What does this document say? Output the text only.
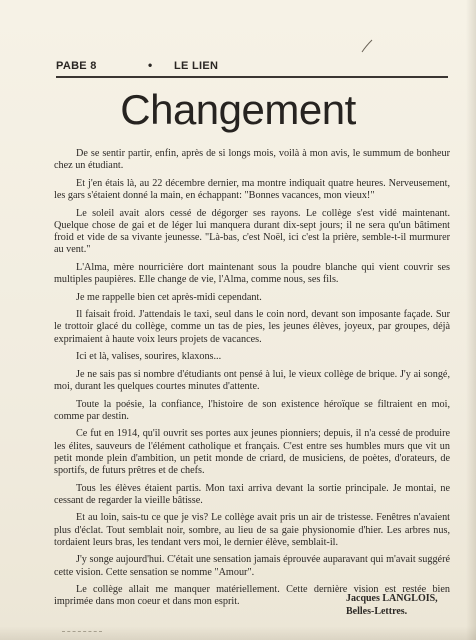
PABE 8	• LE LIEN
Changement

De se sentir partir, enfin, après de si longs mois, voilà à mon avis, le summum de bonheur chez un étudiant.

Et j'en étais là, au 22 décembre dernier, ma montre indiquait quatre heures. Nerveusement, les gars s'étaient donné la main, en échappant: "Bonnes vacances, mon vieux!"

Le soleil avait alors cessé de dégorger ses rayons. Le collège s'est vidé maintenant. Quelque chose de gai et de léger lui manquera durant dix-sept jours; il ne sera qu'un bâtiment froid et vide de sa vivante jeunesse. "Là-bas, c'est Noël, ici c'est la prière, semble-t-il murmurer au vent."

L'Alma, mère nourricière dort maintenant sous la poudre blanche qui vient couvrir ses multiples paupières. Elle change de vie, l'Alma, comme nous, ses fils.

Je me rappelle bien cet après-midi cependant.

Il faisait froid. J'attendais le taxi, seul dans le coin nord, devant son imposante façade. Sur le trottoir glacé du collège, comme un tas de pies, les jeunes élèves, joyeux, par groupes, déjà exprimaient à haute voix leurs projets de vacances.

Ici et là, valises, sourires, klaxons...

Je ne sais pas si nombre d'étudiants ont pensé à lui, le vieux collège de brique. J'y ai songé, moi, durant les quelques courtes minutes d'attente.

Toute la poésie, la confiance, l'histoire de son existence héroïque se filtraient en moi, comme par destin.

Ce fut en 1914, qu'il ouvrit ses portes aux jeunes pionniers; depuis, il n'a cessé de produire les élites, sauveurs de l'élément catholique et français. C'est entre ses humbles murs que vit un petit monde plein d'ambition, un petit monde de criard, de musiciens, de poètes, d'orateurs, de sportifs, de futurs prêtres et de chefs.

Tous les élèves étaient partis. Mon taxi arriva devant la sortie principale. Je montai, ne cessant de regarder la vieille bâtisse.

Et au loin, sais-tu ce que je vis? Le collège avait pris un air de tristesse. Fenêtres n'avaient plus d'éclat. Tout semblait noir, sombre, au lieu de sa gaie physionomie d'hier. Les arbres nus, tordaient leurs bras, les tendant vers moi, le dernier élève, semblait-il.

J'y songe aujourd'hui. C'était une sensation jamais éprouvée auparavant qui m'avait suggéré cette vision. Cette sensation se nomme "Amour".

Le collège allait me manquer matériellement. Cette dernière vision est restée bien imprimée dans mon coeur et dans mon esprit.	Jacques LANGLOIS,
Belles-Lettres.
